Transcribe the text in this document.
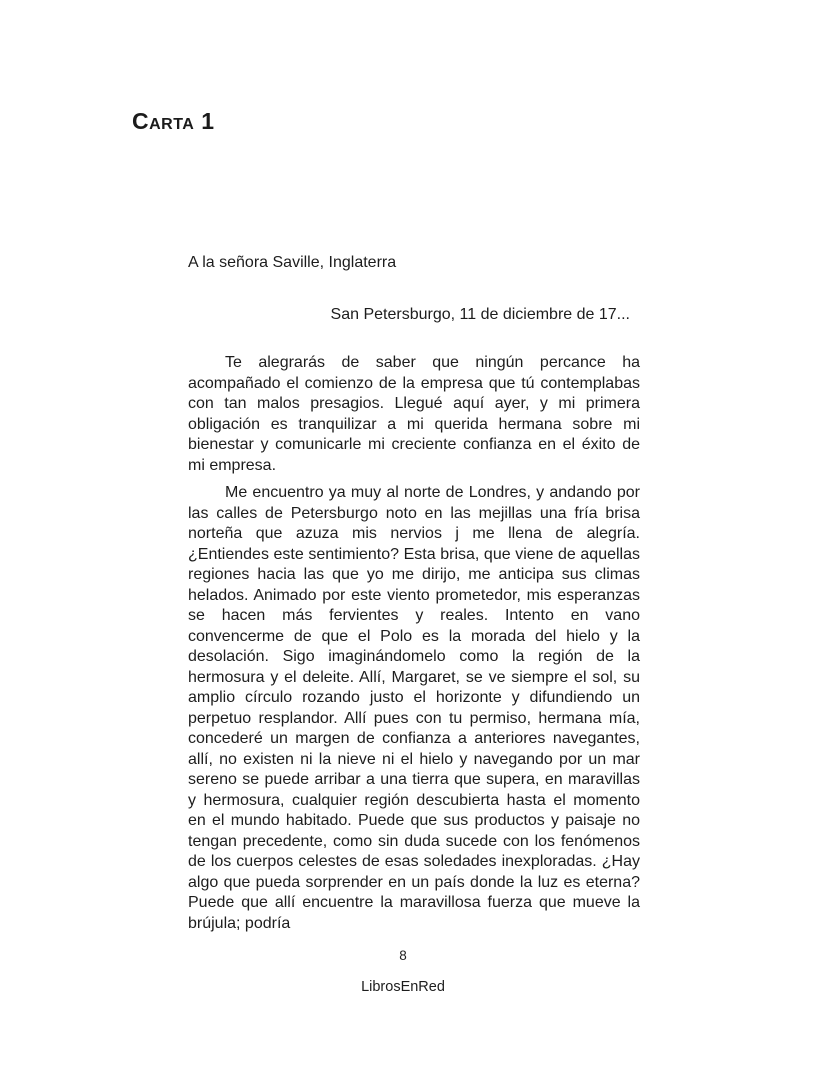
Carta 1
A la señora Saville, Inglaterra
San Petersburgo, 11 de diciembre de 17...

Te alegrarás de saber que ningún percance ha acompañado el comienzo de la empresa que tú contemplabas con tan malos presagios. Llegué aquí ayer, y mi primera obligación es tranquilizar a mi querida hermana sobre mi bienestar y comunicarle mi creciente confianza en el éxito de mi empresa.

Me encuentro ya muy al norte de Londres, y andando por las calles de Petersburgo noto en las mejillas una fría brisa norteña que azuza mis nervios j me llena de alegría. ¿Entiendes este sentimiento? Esta brisa, que viene de aquellas regiones hacia las que yo me dirijo, me anticipa sus climas helados. Animado por este viento prometedor, mis esperanzas se hacen más fervientes y reales. Intento en vano convencerme de que el Polo es la morada del hielo y la desolación. Sigo imaginándomelo como la región de la hermosura y el deleite. Allí, Margaret, se ve siempre el sol, su amplio círculo rozando justo el horizonte y difundiendo un perpetuo resplandor. Allí pues con tu permiso, hermana mía, concederé un margen de confianza a anteriores navegantes, allí, no existen ni la nieve ni el hielo y navegando por un mar sereno se puede arribar a una tierra que supera, en maravillas y hermosura, cualquier región descubierta hasta el momento en el mundo habitado. Puede que sus productos y paisaje no tengan precedente, como sin duda sucede con los fenómenos de los cuerpos celestes de esas soledades inexploradas. ¿Hay algo que pueda sorprender en un país donde la luz es eterna? Puede que allí encuentre la maravillosa fuerza que mueve la brújula; podría

8
LibrosEnRed
